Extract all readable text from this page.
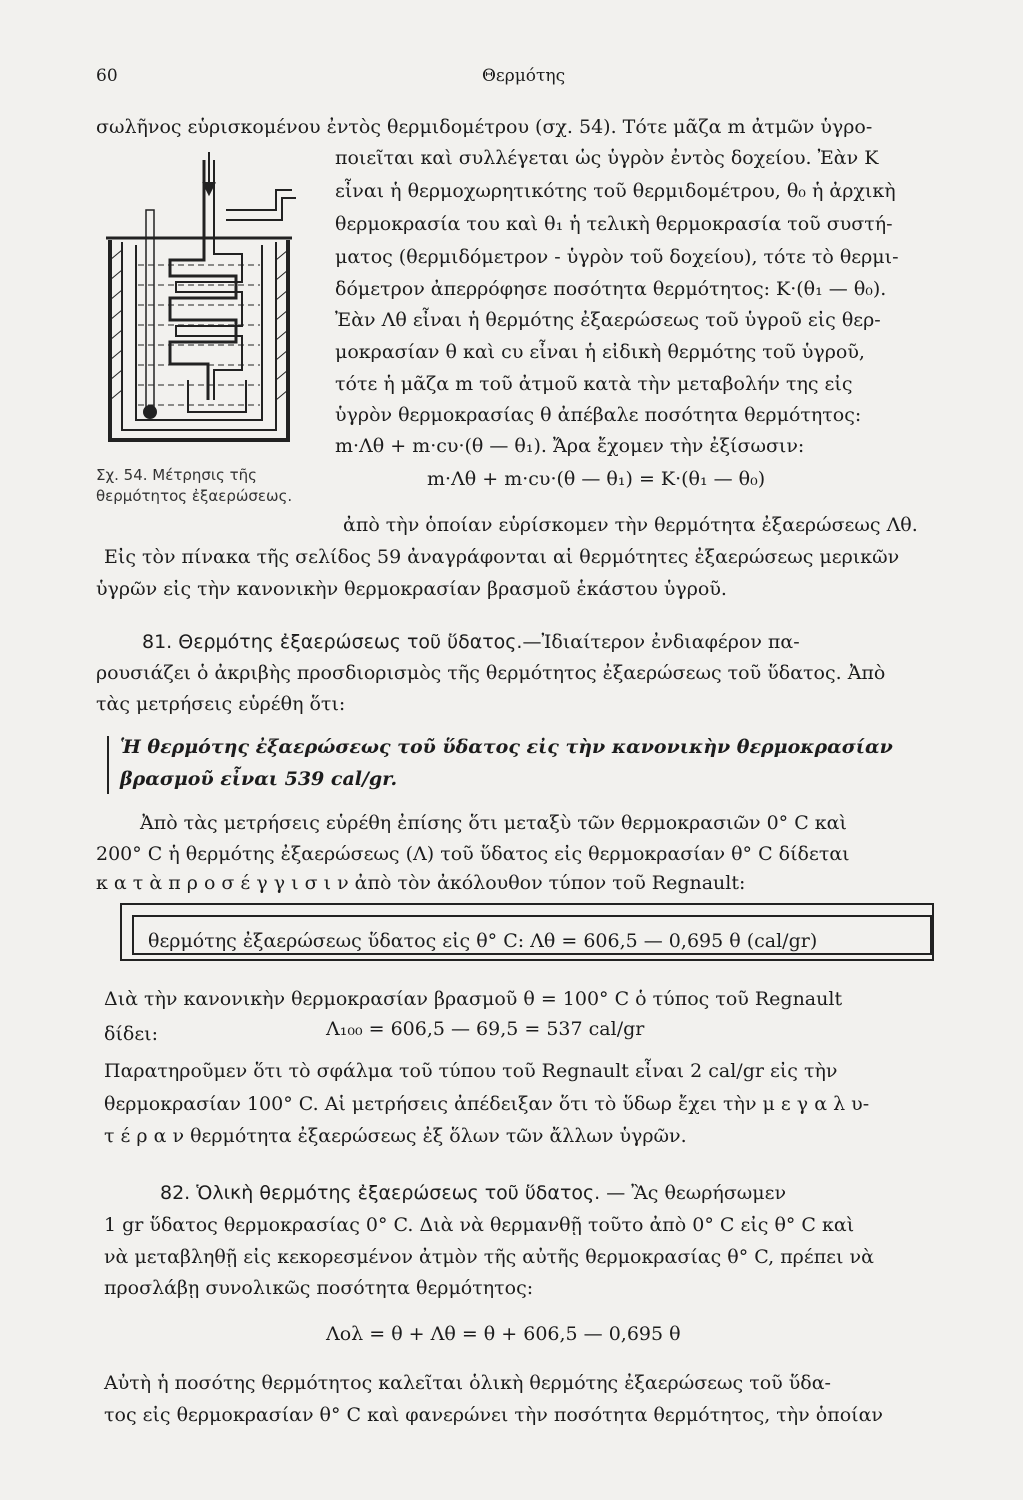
60	Θερμότης
σωλῆνος εὑρισκομένου ἐντὸς θερμιδομέτρου (σχ. 54). Τότε μᾶζα m ἀτμῶν ὑγρο-
ποιεῖται καὶ συλλέγεται ὡς ὑγρὸν ἐντὸς δοχείου. Ἐὰν K
εἶναι ἡ θερμοχωρητικότης τοῦ θερμιδομέτρου, θ₀ ἡ ἀρχικὴ
θερμοκρασία του καὶ θ₁ ἡ τελικὴ θερμοκρασία τοῦ συστή-
ματος (θερμιδόμετρον - ὑγρὸν τοῦ δοχείου), τότε τὸ θερμι-
δόμετρον ἀπερρόφησε ποσότητα θερμότητος: K·(θ₁ — θ₀).
Ἐὰν Λθ εἶναι ἡ θερμότης ἐξαερώσεως τοῦ ὑγροῦ εἰς θερ-
μοκρασίαν θ καὶ cυ εἶναι ἡ εἰδικὴ θερμότης τοῦ ὑγροῦ,
τότε ἡ μᾶζα m τοῦ ἀτμοῦ κατὰ τὴν μεταβολήν της εἰς
ὑγρὸν θερμοκρασίας θ ἀπέβαλε ποσότητα θερμότητος:
m·Λθ + m·cυ·(θ — θ₁). Ἄρα ἔχομεν τὴν ἐξίσωσιν:
Σχ. 54. Μέτρησις τῆς
θερμότητος ἐξαερώσεως.
m·Λθ + m·cυ·(θ — θ₁) = K·(θ₁ — θ₀)
ἀπὸ τὴν ὁποίαν εὑρίσκομεν τὴν θερμότητα ἐξαερώσεως Λθ.
Εἰς τὸν πίνακα τῆς σελίδος 59 ἀναγράφονται αἱ θερμότητες ἐξαερώσεως μερικῶν
ὑγρῶν εἰς τὴν κανονικὴν θερμοκρασίαν βρασμοῦ ἑκάστου ὑγροῦ.
81. Θερμότης ἐξαερώσεως τοῦ ὕδατος.—Ἰδιαίτερον ἐνδιαφέρον πα-
ρουσιάζει ὁ ἀκριβὴς προσδιορισμὸς τῆς θερμότητος ἐξαερώσεως τοῦ ὕδατος. Ἀπὸ
τὰς μετρήσεις εὑρέθη ὅτι:
Ἡ θερμότης ἐξαερώσεως τοῦ ὕδατος εἰς τὴν κανονικὴν θερμοκρασίαν
βρασμοῦ εἶναι 539 cal/gr.
Ἀπὸ τὰς μετρήσεις εὑρέθη ἐπίσης ὅτι μεταξὺ τῶν θερμοκρασιῶν 0° C καὶ
200° C ἡ θερμότης ἐξαερώσεως (Λ) τοῦ ὕδατος εἰς θερμοκρασίαν θ° C δίδεται
κ α τ ὰ π ρ ο σ έ γ γ ι σ ι ν ἀπὸ τὸν ἀκόλουθον τύπον τοῦ Regnault:
θερμότης ἐξαερώσεως ὕδατος εἰς θ° C: Λθ = 606,5 — 0,695 θ (cal/gr)
Διὰ τὴν κανονικὴν θερμοκρασίαν βρασμοῦ θ = 100° C ὁ τύπος τοῦ Regnault
δίδει:	Λ₁₀₀ = 606,5 — 69,5 = 537 cal/gr
Παρατηροῦμεν ὅτι τὸ σφάλμα τοῦ τύπου τοῦ Regnault εἶναι 2 cal/gr εἰς τὴν
θερμοκρασίαν 100° C. Αἱ μετρήσεις ἀπέδειξαν ὅτι τὸ ὕδωρ ἔχει τὴν μ ε γ α λ υ-
τ έ ρ α ν θερμότητα ἐξαερώσεως ἐξ ὅλων τῶν ἄλλων ὑγρῶν.
82. Ὁλικὴ θερμότης ἐξαερώσεως τοῦ ὕδατος. — Ἂς θεωρήσωμεν
1 gr ὕδατος θερμοκρασίας 0° C. Διὰ νὰ θερμανθῇ τοῦτο ἀπὸ 0° C εἰς θ° C καὶ
νὰ μεταβληθῇ εἰς κεκορεσμένον ἀτμὸν τῆς αὐτῆς θερμοκρασίας θ° C, πρέπει νὰ
προσλάβῃ συνολικῶς ποσότητα θερμότητος:
Λολ = θ + Λθ = θ + 606,5 — 0,695 θ
Αὐτὴ ἡ ποσότης θερμότητος καλεῖται ὁλικὴ θερμότης ἐξαερώσεως τοῦ ὕδα-
τος εἰς θερμοκρασίαν θ° C καὶ φανερώνει τὴν ποσότητα θερμότητος, τὴν ὁποίαν
